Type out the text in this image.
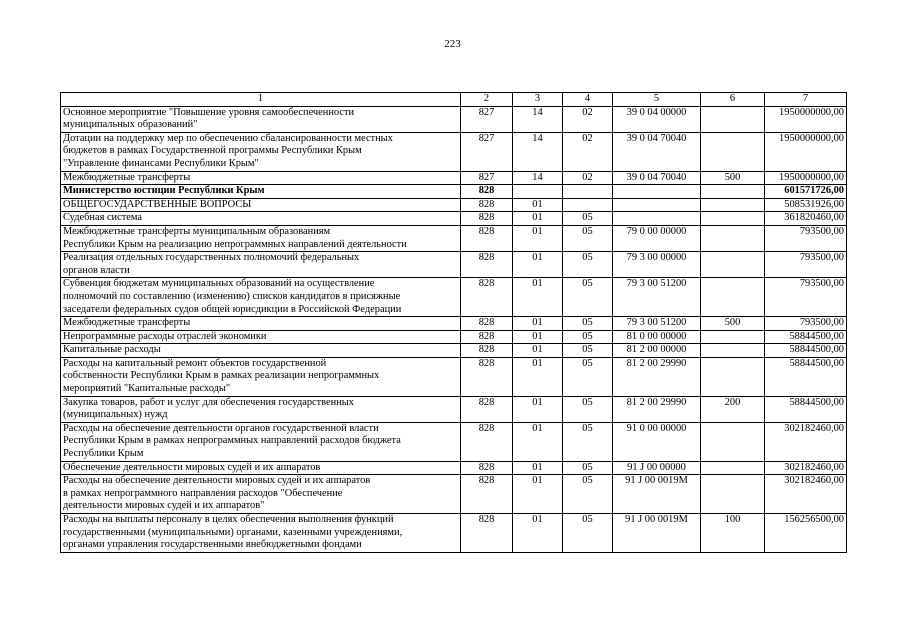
223
1	2	3	4	5	6	7

Основное мероприятие "Повышение уровня самообеспеченности
муниципальных образований"	827	14	02	39 0 04 00000		1950000000,00

Дотации на поддержку мер по обеспечению сбалансированности местных
бюджетов в рамках Государственной программы Республики Крым
"Управление финансами Республики Крым"	827	14	02	39 0 04 70040		1950000000,00

Межбюджетные трансферты	827	14	02	39 0 04 70040	500	1950000000,00

Министерство юстиции Республики Крым	828					601571726,00

ОБЩЕГОСУДАРСТВЕННЫЕ ВОПРОСЫ	828	01				508531926,00

Судебная система	828	01	05			361820460,00

Межбюджетные трансферты муниципальным образованиям
Республики Крым на реализацию непрограммных направлений деятельности	828	01	05	79 0 00 00000		793500,00

Реализация отдельных государственных полномочий федеральных
органов власти	828	01	05	79 3 00 00000		793500,00

Субвенция бюджетам муниципальных образований на осуществление
полномочий по составлению (изменению) списков кандидатов в присяжные
заседатели федеральных судов общей юрисдикции в Российской Федерации	828	01	05	79 3 00 51200		793500,00

Межбюджетные трансферты	828	01	05	79 3 00 51200	500	793500,00

Непрограммные расходы отраслей экономики	828	01	05	81 0 00 00000		58844500,00

Капитальные расходы	828	01	05	81 2 00 00000		58844500,00

Расходы на капитальный ремонт объектов государственной
собственности Республики Крым в рамках реализации непрограммных
мероприятий "Капитальные расходы"	828	01	05	81 2 00 29990		58844500,00

Закупка товаров, работ и услуг для обеспечения государственных
(муниципальных) нужд	828	01	05	81 2 00 29990	200	58844500,00

Расходы на обеспечение деятельности органов государственной власти
Республики Крым в рамках непрограммных направлений расходов бюджета
Республики Крым	828	01	05	91 0 00 00000		302182460,00

Обеспечение деятельности мировых судей и их аппаратов	828	01	05	91 J 00 00000		302182460,00

Расходы на обеспечение деятельности мировых судей и их аппаратов
в рамках непрограммного направления расходов "Обеспечение
деятельности мировых судей и их аппаратов"	828	01	05	91 J 00 0019M		302182460,00

Расходы на выплаты персоналу в целях обеспечения выполнения функций
государственными (муниципальными) органами, казенными учреждениями,
органами управления государственными внебюджетными фондами	828	01	05	91 J 00 0019M	100	156256500,00
